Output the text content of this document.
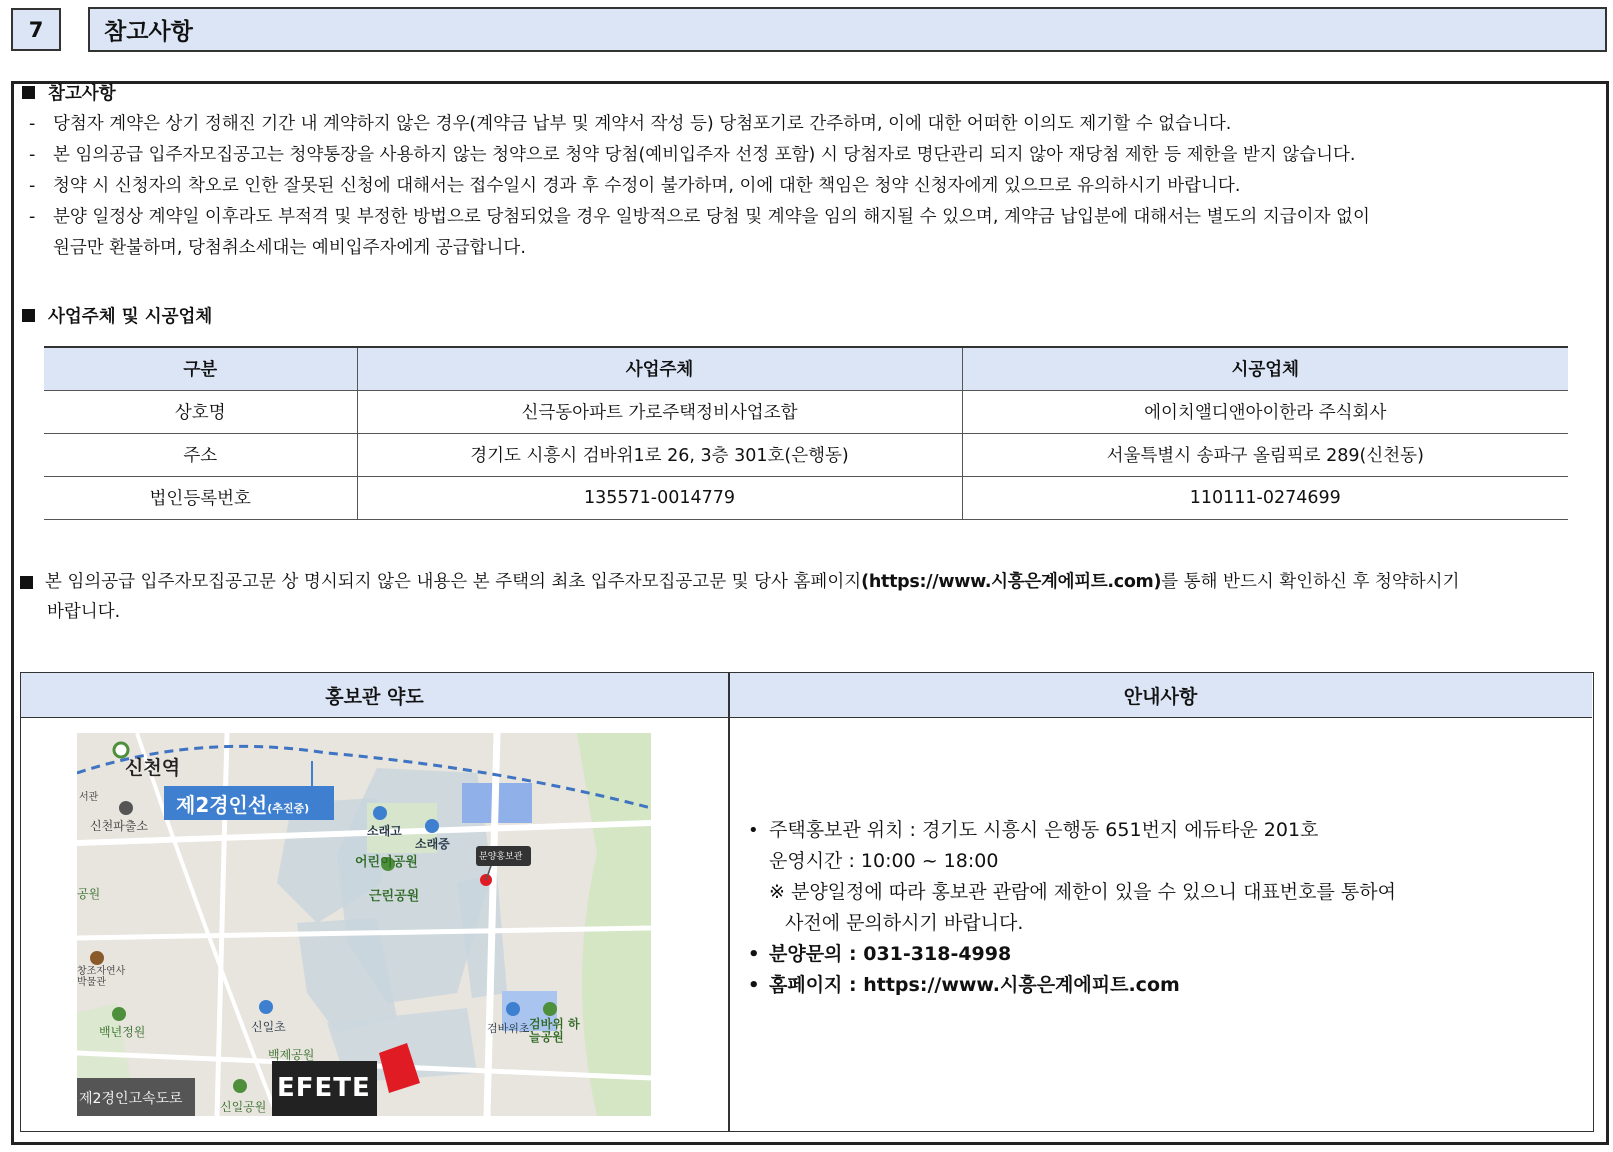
7	참고사항
참고사항
- 당첨자 계약은 상기 정해진 기간 내 계약하지 않은 경우(계약금 납부 및 계약서 작성 등) 당첨포기로 간주하며, 이에 대한 어떠한 이의도 제기할 수 없습니다.
- 본 임의공급 입주자모집공고는 청약통장을 사용하지 않는 청약으로 청약 당첨(예비입주자 선정 포함) 시 당첨자로 명단관리 되지 않아 재당첨 제한 등 제한을 받지 않습니다.
- 청약 시 신청자의 착오로 인한 잘못된 신청에 대해서는 접수일시 경과 후 수정이 불가하며, 이에 대한 책임은 청약 신청자에게 있으므로 유의하시기 바랍니다.
- 분양 일정상 계약일 이후라도 부적격 및 부정한 방법으로 당첨되었을 경우 일방적으로 당첨 및 계약을 임의 해지될 수 있으며, 계약금 납입분에 대해서는 별도의 지급이자 없이
원금만 환불하며, 당첨취소세대는 예비입주자에게 공급합니다.
사업주체 및 시공업체
구분	사업주체	시공업체
상호명	신극동아파트 가로주택정비사업조합	에이치앨디앤아이한라 주식회사
주소	경기도 시흥시 검바위1로 26, 3층 301호(은행동)	서울특별시 송파구 올림픽로 289(신천동)
법인등록번호	135571-0014779	110111-0274699
본 임의공급 입주자모집공고문 상 명시되지 않은 내용은 본 주택의 최초 입주자모집공고문 및 당사 홈페이지(https://www.시흥은계에피트.com)를 통해 반드시 확인하신 후 청약하시기
바랍니다.
홍보관 약도	안내사항
신천역
제2경인선(추진중)
서관
신천파출소	소래고
소래중
어린이공원
근린공원
공원
분양홍보관
창조자연사 박물관
백년정원	신일초
백제공원
검바위초 검바위 하늘공원
신일공원
제2경인고속도로	EFETE
• 주택홍보관 위치 : 경기도 시흥시 은행동 651번지 에듀타운 201호
운영시간 : 10:00 ~ 18:00
※ 분양일정에 따라 홍보관 관람에 제한이 있을 수 있으니 대표번호를 통하여
사전에 문의하시기 바랍니다.
• 분양문의 : 031-318-4998
• 홈페이지 : https://www.시흥은계에피트.com
